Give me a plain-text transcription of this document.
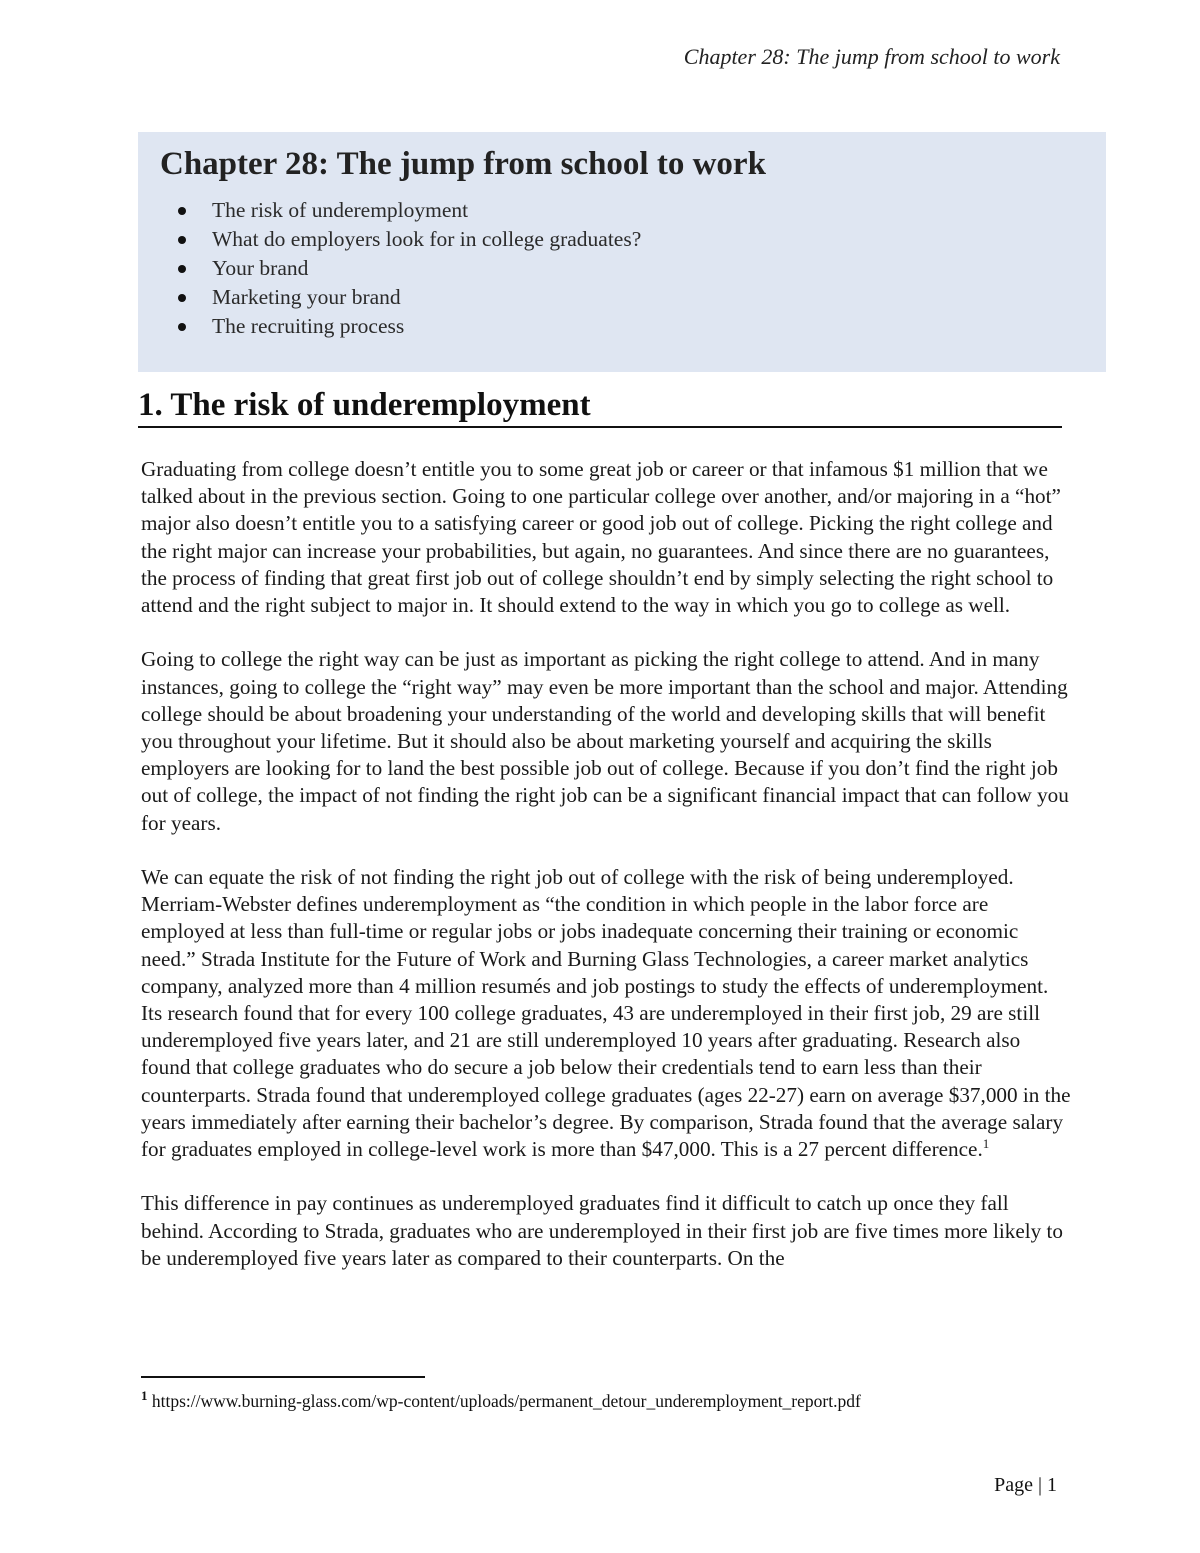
Chapter 28: The jump from school to work
Chapter 28: The jump from school to work
The risk of underemployment
What do employers look for in college graduates?
Your brand
Marketing your brand
The recruiting process
1. The risk of underemployment

Graduating from college doesn’t entitle you to some great job or career or that infamous $1 million that we talked about in the previous section. Going to one particular college over another, and/or majoring in a “hot” major also doesn’t entitle you to a satisfying career or good job out of college. Picking the right college and the right major can increase your probabilities, but again, no guarantees. And since there are no guarantees, the process of finding that great first job out of college shouldn’t end by simply selecting the right school to attend and the right subject to major in. It should extend to the way in which you go to college as well.

Going to college the right way can be just as important as picking the right college to attend. And in many instances, going to college the “right way” may even be more important than the school and major. Attending college should be about broadening your understanding of the world and developing skills that will benefit you throughout your lifetime. But it should also be about marketing yourself and acquiring the skills employers are looking for to land the best possible job out of college. Because if you don’t find the right job out of college, the impact of not finding the right job can be a significant financial impact that can follow you for years.

We can equate the risk of not finding the right job out of college with the risk of being underemployed. Merriam-Webster defines underemployment as “the condition in which people in the labor force are employed at less than full-time or regular jobs or jobs inadequate concerning their training or economic need.” Strada Institute for the Future of Work and Burning Glass Technologies, a career market analytics company, analyzed more than 4 million resumés and job postings to study the effects of underemployment. Its research found that for every 100 college graduates, 43 are underemployed in their first job, 29 are still underemployed five years later, and 21 are still underemployed 10 years after graduating. Research also found that college graduates who do secure a job below their credentials tend to earn less than their counterparts. Strada found that underemployed college graduates (ages 22-27) earn on average $37,000 in the years immediately after earning their bachelor’s degree. By comparison, Strada found that the average salary for graduates employed in college-level work is more than $47,000. This is a 27 percent difference.$^1$

This difference in pay continues as underemployed graduates find it difficult to catch up once they fall behind. According to Strada, graduates who are underemployed in their first job are five times more likely to be underemployed five years later as compared to their counterparts. On the

$^1$ https://www.burning-glass.com/wp-content/uploads/permanent_detour_underemployment_report.pdf
Page | 1
